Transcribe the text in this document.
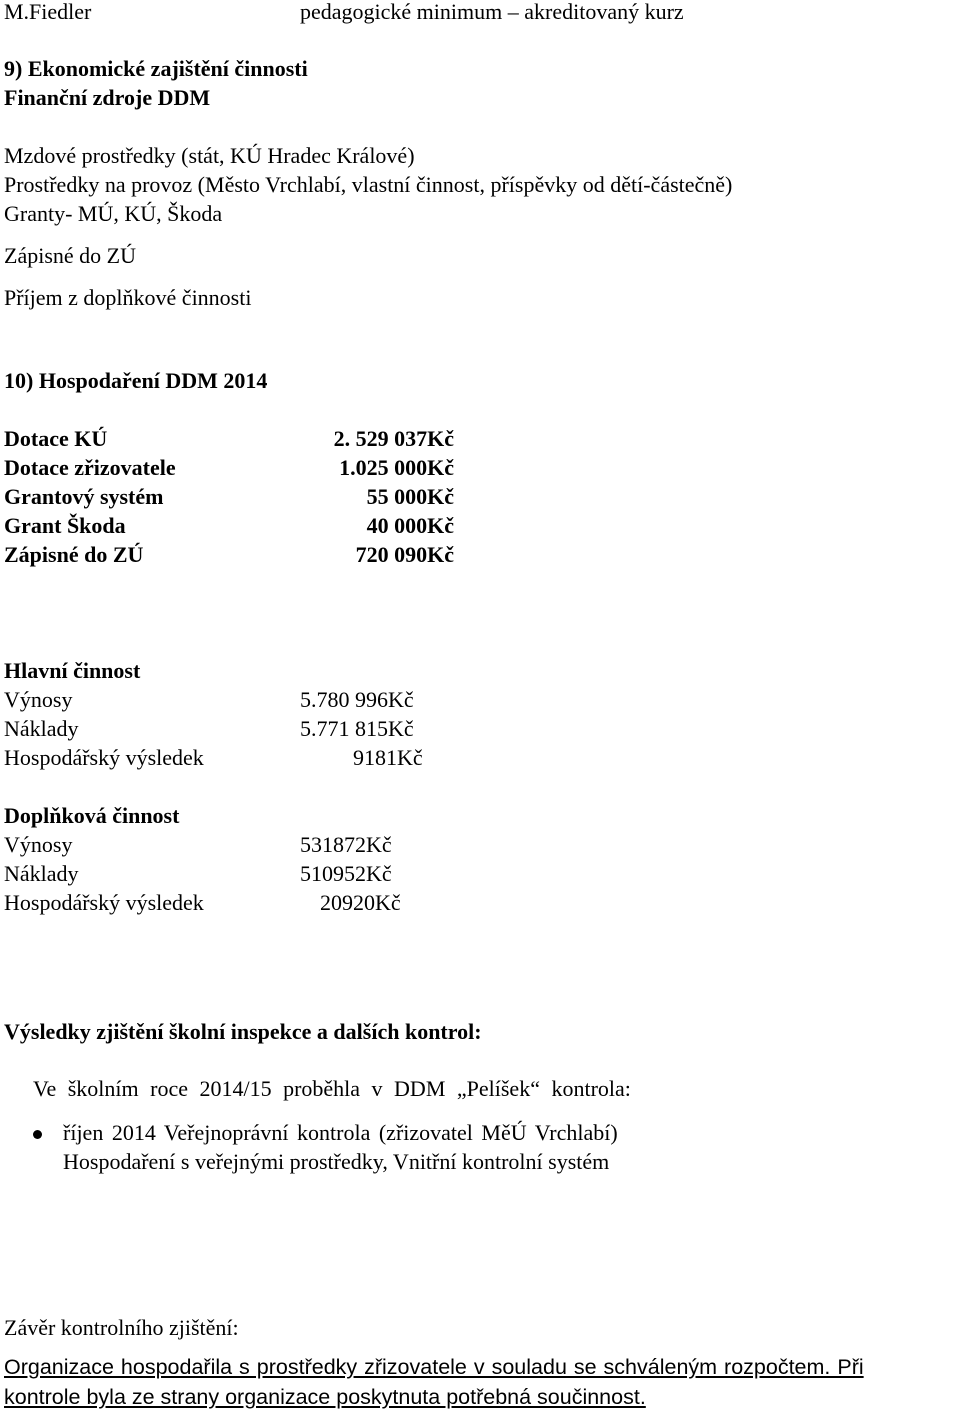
M.Fiedler	pedagogické minimum – akreditovaný kurz
9) Ekonomické zajištění činnosti
Finanční zdroje DDM
Mzdové prostředky (stát, KÚ Hradec Králové)
Prostředky na provoz (Město Vrchlabí, vlastní činnost, příspěvky od dětí-částečně)
Granty- MÚ, KÚ, Škoda
Zápisné do ZÚ
Příjem z doplňkové činnosti
10) Hospodaření DDM 2014
Dotace KÚ
Dotace zřizovatele
Grantový systém
Grant Škoda
Zápisné do ZÚ
2. 529 037Kč
1.025 000Kč
55 000Kč
40 000Kč
720 090Kč
Hlavní činnost
Výnosy
Náklady
Hospodářský výsledek
5.780 996Kč
5.771 815Kč
9181Kč
Doplňková činnost
Výnosy
Náklady
Hospodářský výsledek
531872Kč
510952Kč
20920Kč
Výsledky zjištění školní inspekce a dalších kontrol:
Ve školním roce 2014/15 proběhla v DDM „Pelíšek“ kontrola:
říjen 2014 Veřejnoprávní kontrola (zřizovatel MěÚ Vrchlabí)
Hospodaření s veřejnými prostředky, Vnitřní kontrolní systém
Závěr kontrolního zjištění:
Organizace hospodařila s prostředky zřizovatele v souladu se schváleným rozpočtem. Při
kontrole byla ze strany organizace poskytnuta potřebná součinnost.
